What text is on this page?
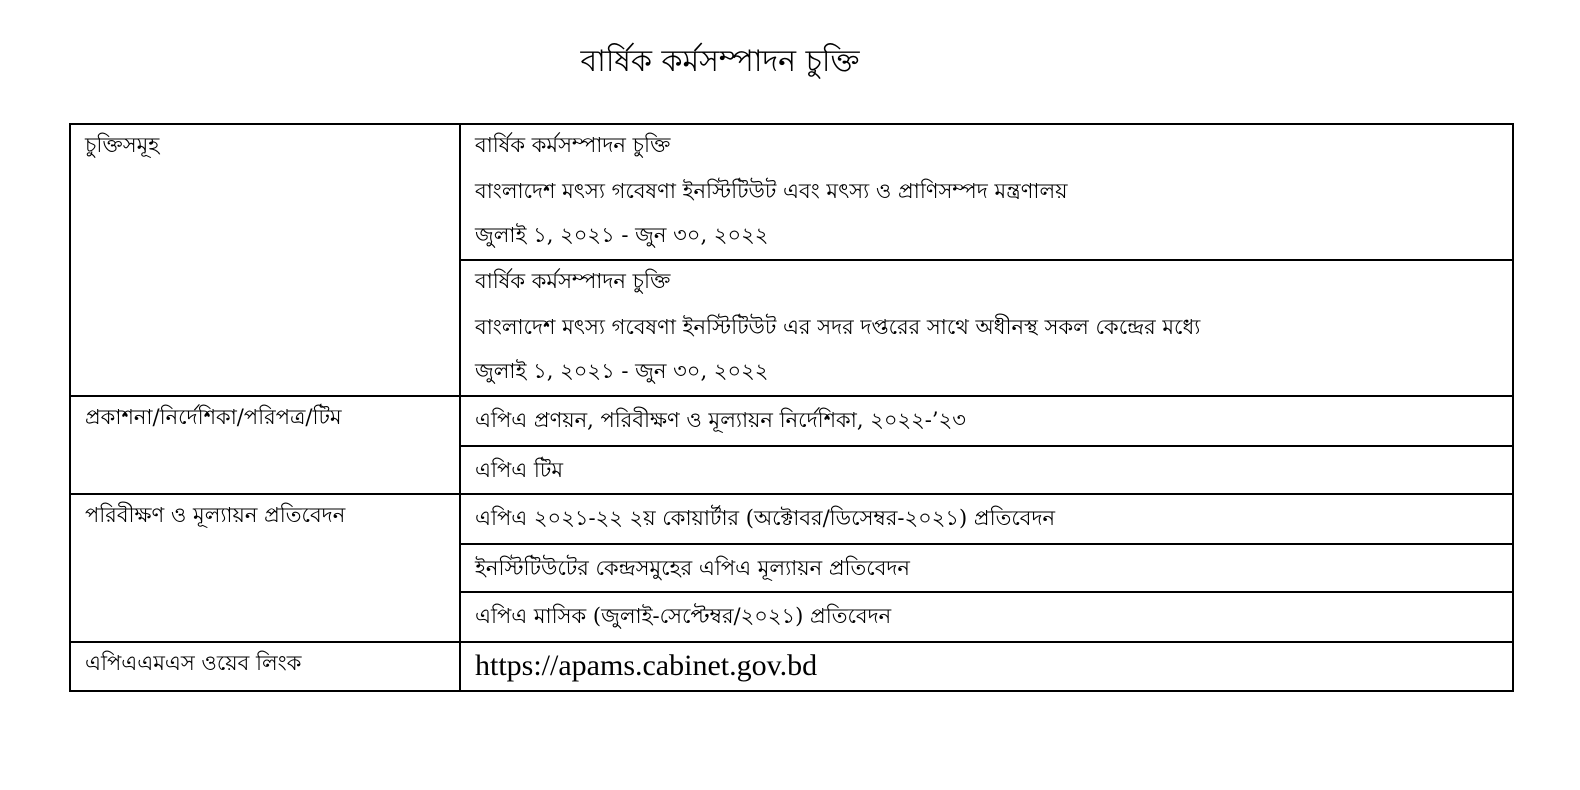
বার্ষিক কর্মসম্পাদন চুক্তি
চুক্তিসমূহ	বার্ষিক কর্মসম্পাদন চুক্তি
বাংলাদেশ মৎস্য গবেষণা ইনস্টিটিউট এবং মৎস্য ও প্রাণিসম্পদ মন্ত্রণালয়
জুলাই ১, ২০২১ - জুন ৩০, ২০২২

	বার্ষিক কর্মসম্পাদন চুক্তি
বাংলাদেশ মৎস্য গবেষণা ইনস্টিটিউট এর সদর দপ্তরের সাথে অধীনস্থ সকল কেন্দ্রের মধ্যে
জুলাই ১, ২০২১ - জুন ৩০, ২০২২

প্রকাশনা/নির্দেশিকা/পরিপত্র/টিম	এপিএ প্রণয়ন, পরিবীক্ষণ ও মূল্যায়ন নির্দেশিকা, ২০২২-’২৩

	এপিএ টিম

পরিবীক্ষণ ও মূল্যায়ন প্রতিবেদন	এপিএ ২০২১-২২ ২য় কোয়ার্টার (অক্টোবর/ডিসেম্বর-২০২১) প্রতিবেদন

	ইনস্টিটিউটের কেন্দ্রসমুহের এপিএ মূল্যায়ন প্রতিবেদন

	এপিএ মাসিক (জুলাই-সেপ্টেম্বর/২০২১) প্রতিবেদন

এপিএএমএস ওয়েব লিংক	https://apams.cabinet.gov.bd
